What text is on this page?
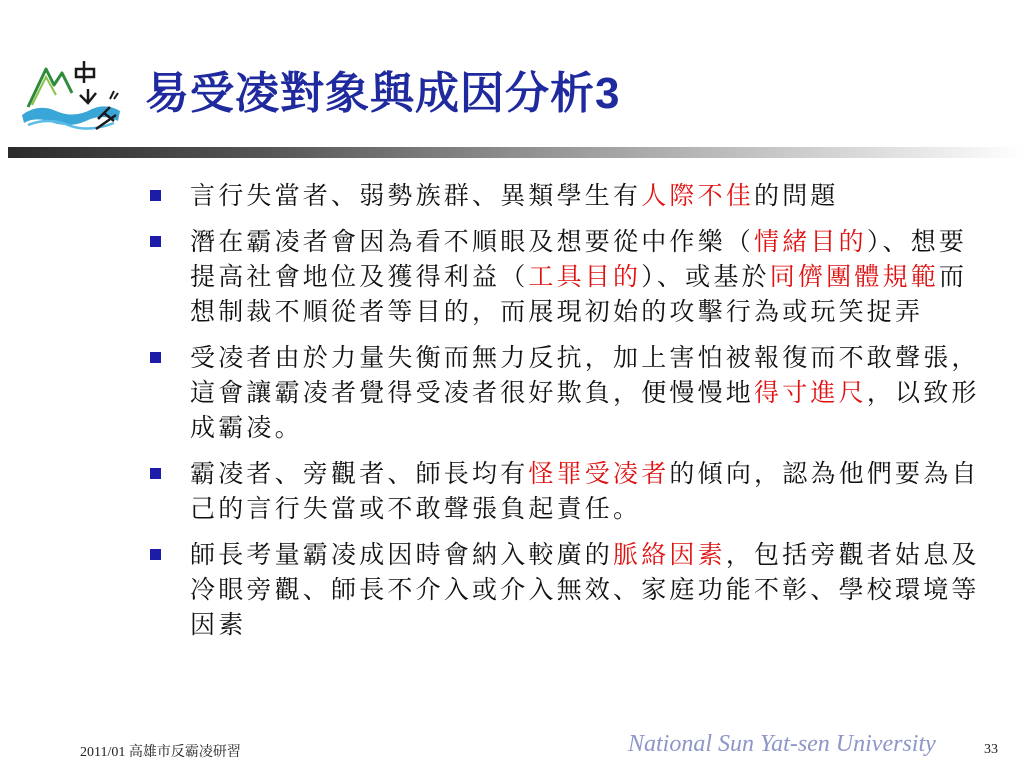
易受凌對象與成因分析3
言行失當者、弱勢族群、異類學生有人際不佳的問題
潛在霸凌者會因為看不順眼及想要從中作樂（情緒目的）、想要提高社會地位及獲得利益（工具目的）、或基於同儕團體規範而想制裁不順從者等目的，而展現初始的攻擊行為或玩笑捉弄
受凌者由於力量失衡而無力反抗，加上害怕被報復而不敢聲張，這會讓霸凌者覺得受凌者很好欺負，便慢慢地得寸進尺，以致形成霸凌。
霸凌者、旁觀者、師長均有怪罪受凌者的傾向，認為他們要為自己的言行失當或不敢聲張負起責任。
師長考量霸凌成因時會納入較廣的脈絡因素，包括旁觀者姑息及冷眼旁觀、師長不介入或介入無效、家庭功能不彰、學校環境等因素
2011/01 高雄市反霸凌研習	National Sun Yat-sen University	33
